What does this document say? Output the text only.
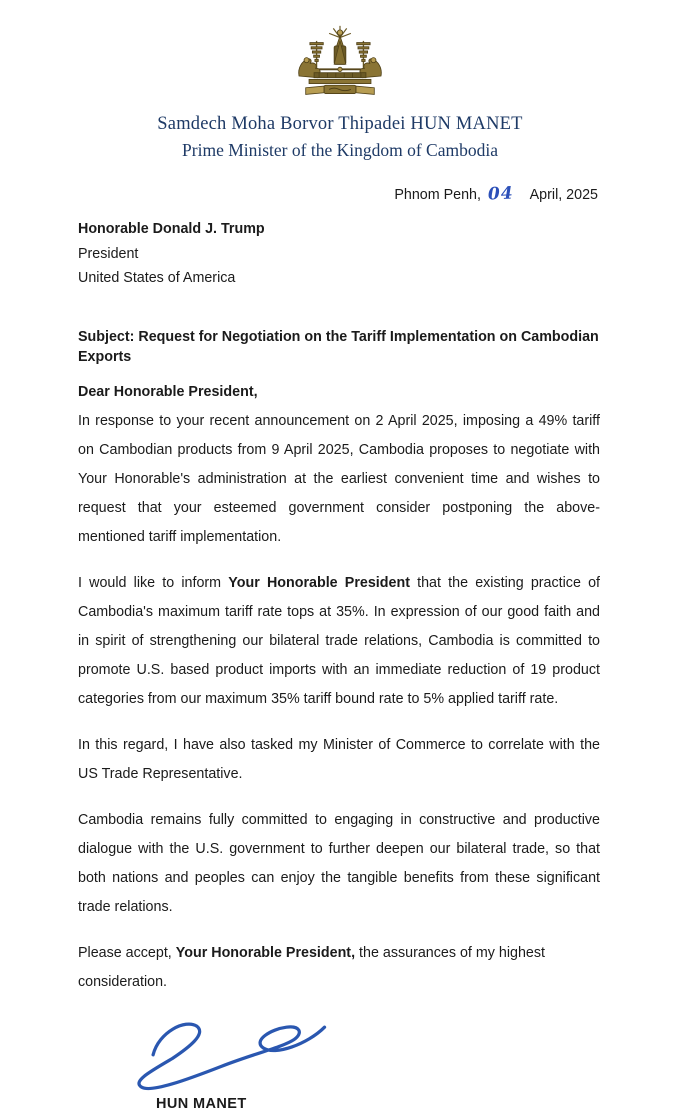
Samdech Moha Borvor Thipadei HUN MANET
Prime Minister of the Kingdom of Cambodia
Phnom Penh, 04 April, 2025
Honorable Donald J. Trump
President
United States of America
Subject: Request for Negotiation on the Tariff Implementation on Cambodian Exports
Dear Honorable President,

In response to your recent announcement on 2 April 2025, imposing a 49% tariff on Cambodian products from 9 April 2025, Cambodia proposes to negotiate with Your Honorable's administration at the earliest convenient time and wishes to request that your esteemed government consider postponing the above-mentioned tariff implementation.

I would like to inform Your Honorable President that the existing practice of Cambodia's maximum tariff rate tops at 35%. In expression of our good faith and in spirit of strengthening our bilateral trade relations, Cambodia is committed to promote U.S. based product imports with an immediate reduction of 19 product categories from our maximum 35% tariff bound rate to 5% applied tariff rate.

In this regard, I have also tasked my Minister of Commerce to correlate with the US Trade Representative.

Cambodia remains fully committed to engaging in constructive and productive dialogue with the U.S. government to further deepen our bilateral trade, so that both nations and peoples can enjoy the tangible benefits from these significant trade relations.

Please accept, Your Honorable President, the assurances of my highest consideration.

HUN MANET
